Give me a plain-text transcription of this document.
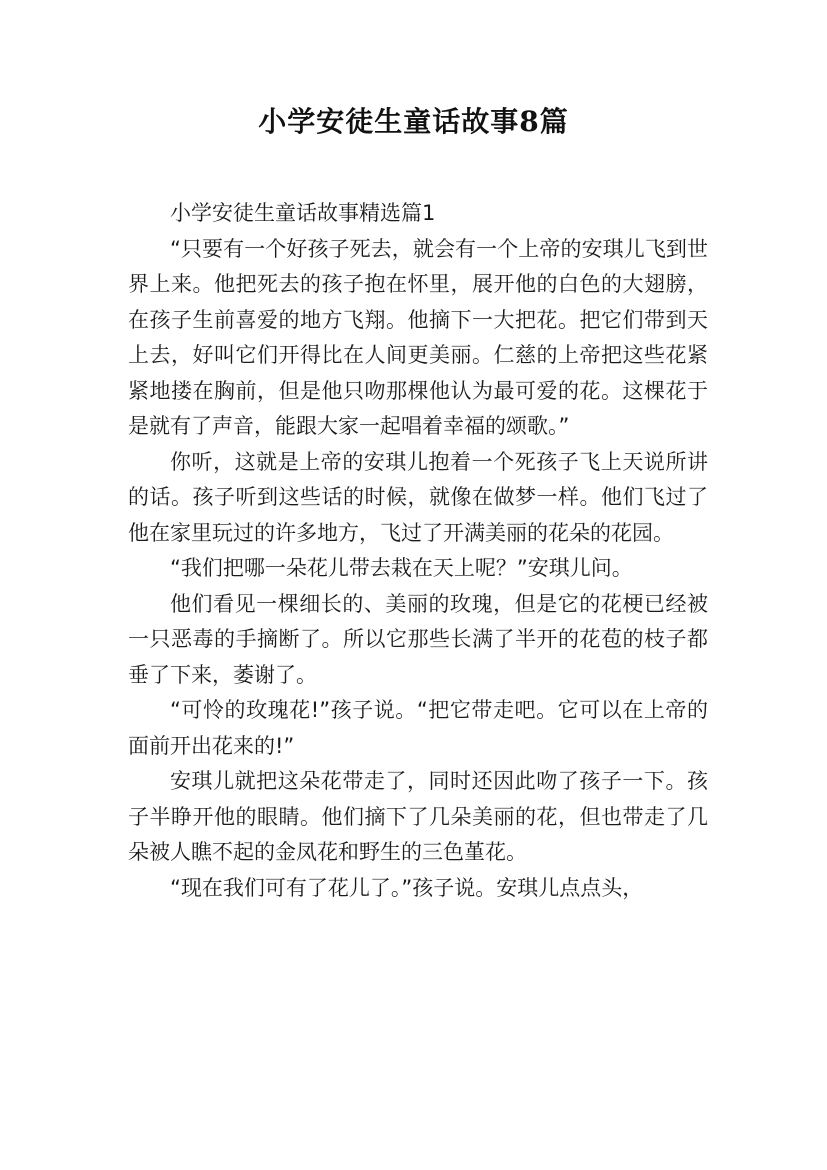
小学安徒生童话故事8篇

小学安徒生童话故事精选篇1

“只要有一个好孩子死去，就会有一个上帝的安琪儿飞到世界上来。他把死去的孩子抱在怀里，展开他的白色的大翅膀，在孩子生前喜爱的地方飞翔。他摘下一大把花。把它们带到天上去，好叫它们开得比在人间更美丽。仁慈的上帝把这些花紧紧地搂在胸前，但是他只吻那棵他认为最可爱的花。这棵花于是就有了声音，能跟大家一起唱着幸福的颂歌。”

你听，这就是上帝的安琪儿抱着一个死孩子飞上天说所讲的话。孩子听到这些话的时候，就像在做梦一样。他们飞过了他在家里玩过的许多地方，飞过了开满美丽的花朵的花园。

“我们把哪一朵花儿带去栽在天上呢？”安琪儿问。

他们看见一棵细长的、美丽的玫瑰，但是它的花梗已经被一只恶毒的手摘断了。所以它那些长满了半开的花苞的枝子都垂了下来，萎谢了。

“可怜的玫瑰花!”孩子说。“把它带走吧。它可以在上帝的面前开出花来的!”

安琪儿就把这朵花带走了，同时还因此吻了孩子一下。孩子半睁开他的眼睛。他们摘下了几朵美丽的花，但也带走了几朵被人瞧不起的金凤花和野生的三色堇花。

“现在我们可有了花儿了。”孩子说。安琪儿点点头，
